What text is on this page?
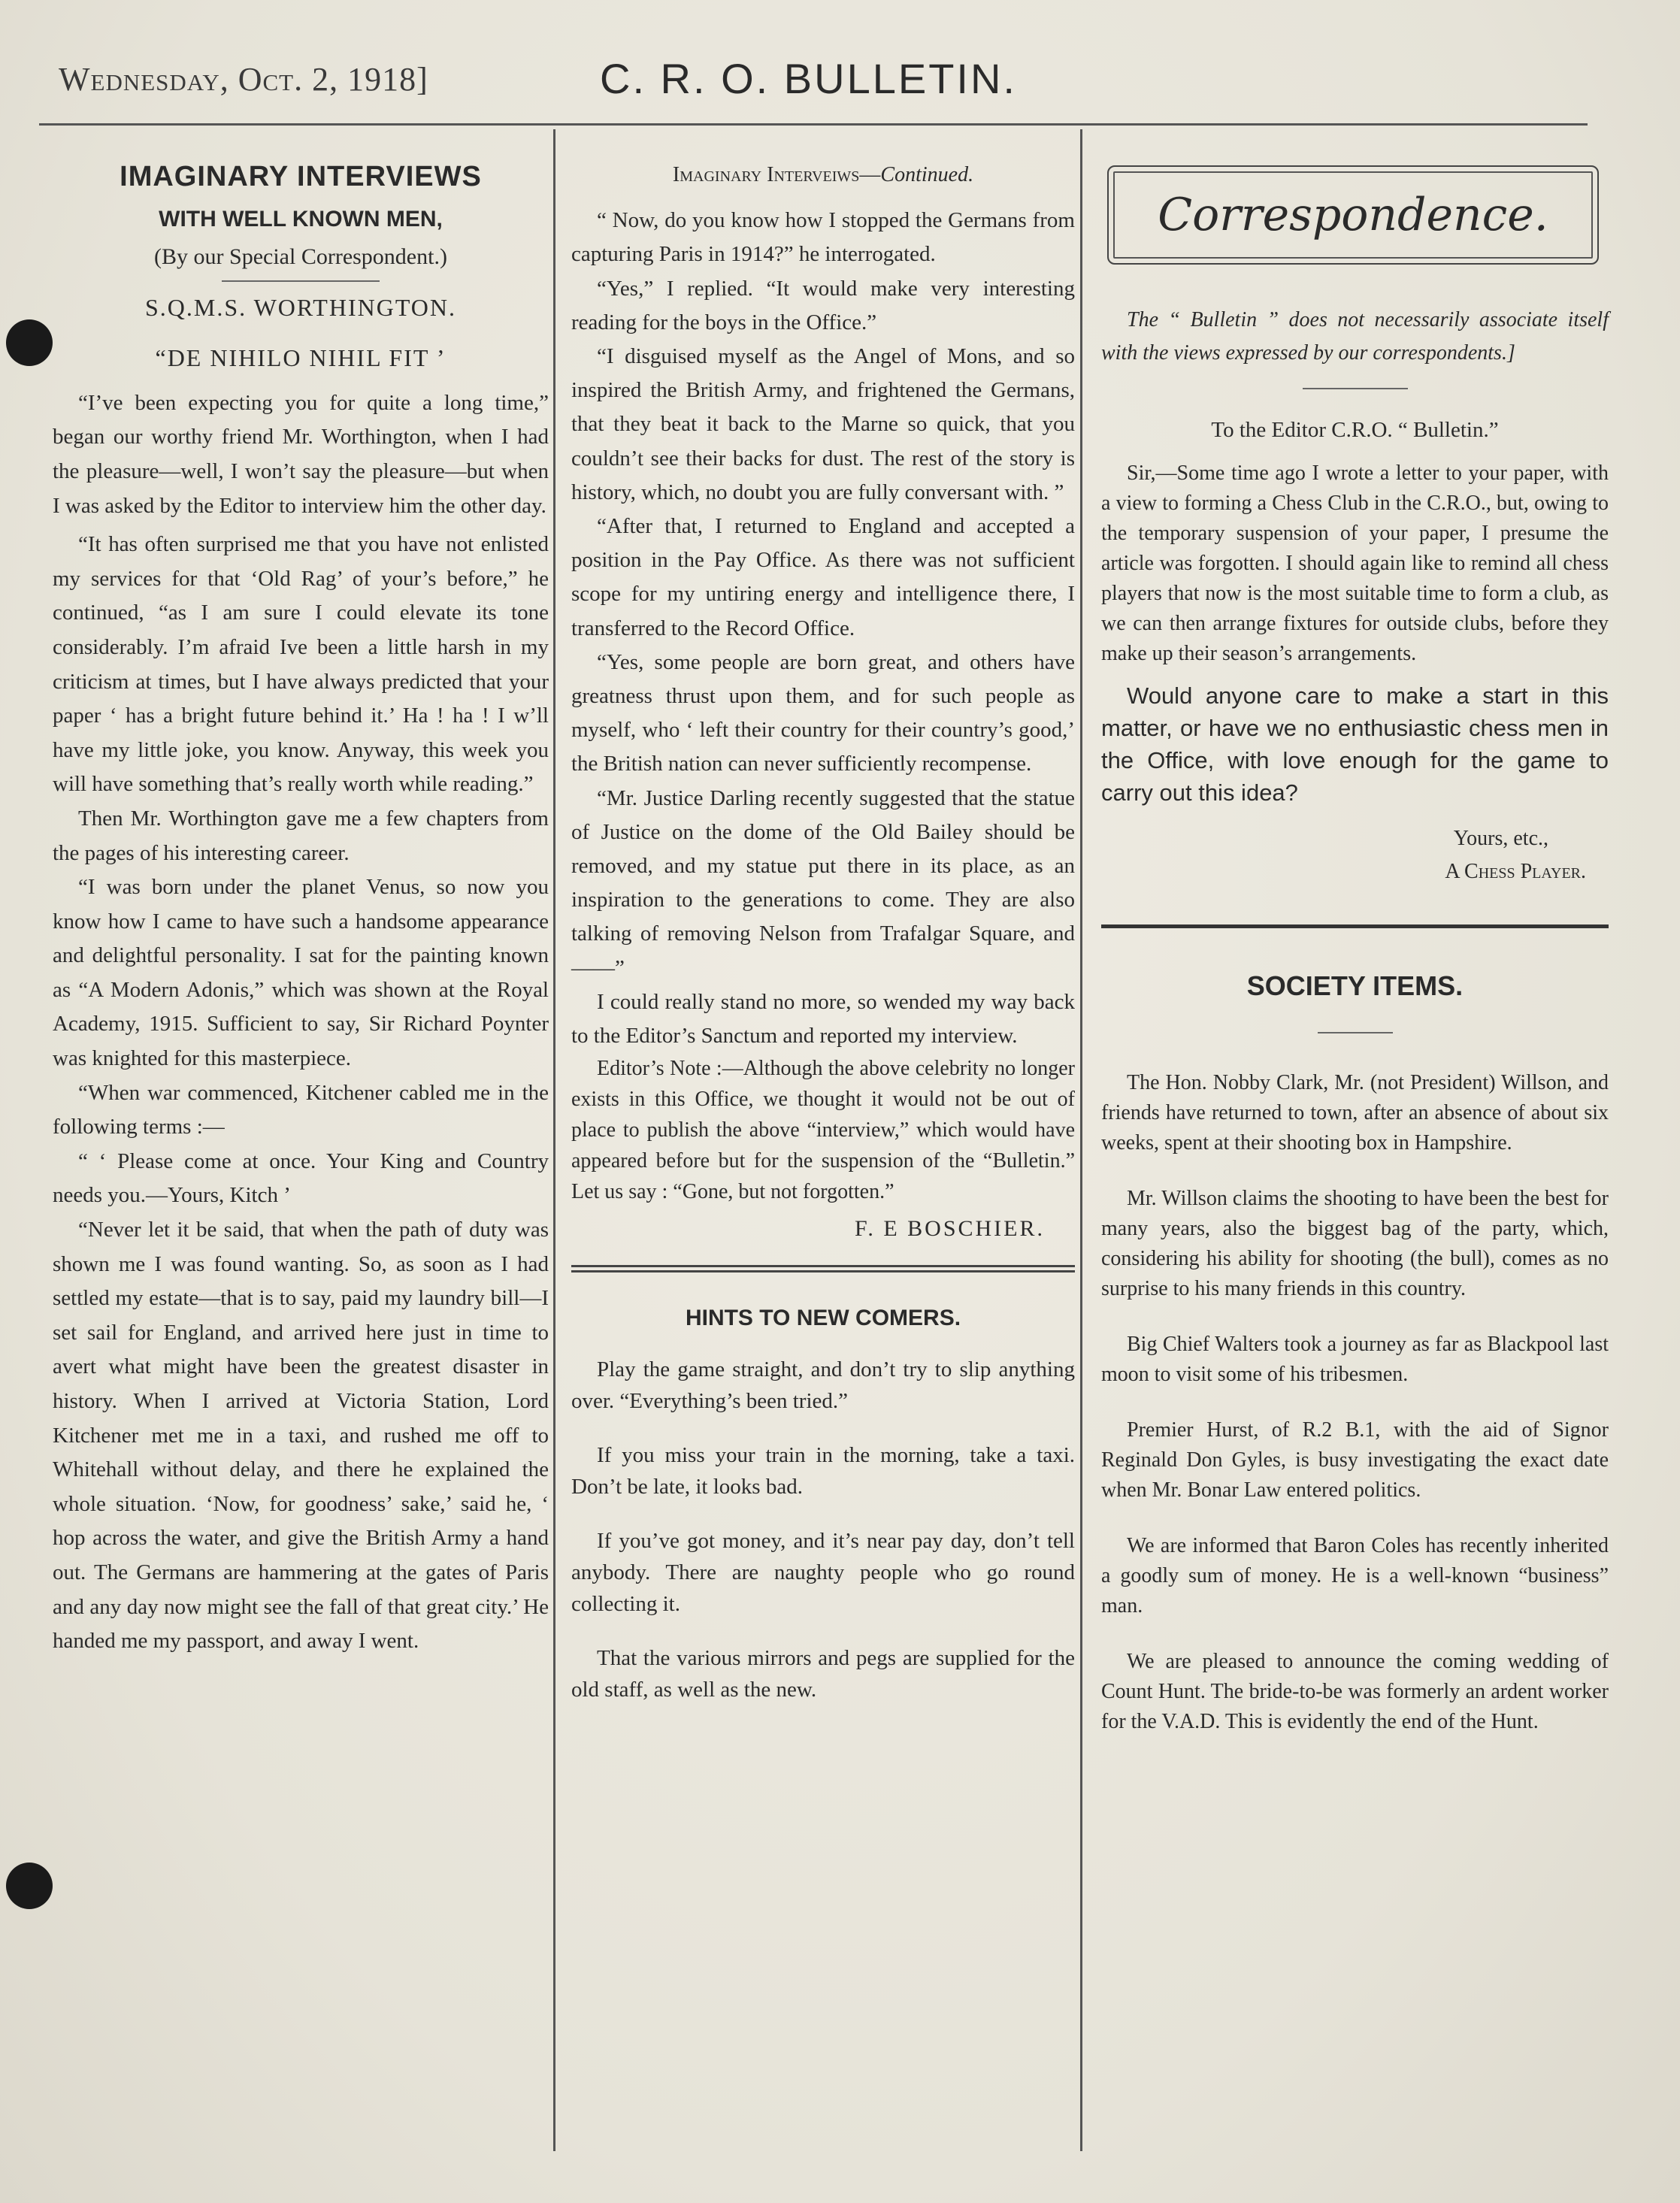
Wednesday, Oct. 2, 1918]	C. R. O. BULLETIN.
IMAGINARY INTERVIEWS
WITH WELL KNOWN MEN,

(By our Special Correspondent.)

S.Q.M.S. WORTHINGTON.

“DE NIHILO NIHIL FIT ’

“I’ve been expecting you for quite a long time,” began our worthy friend Mr. Worthington, when I had the pleasure—well, I won’t say the pleasure—but when I was asked by the Editor to interview him the other day.

“It has often surprised me that you have not enlisted my services for that ‘Old Rag’ of your’s before,” he continued, “as I am sure I could elevate its tone considerably. I’m afraid Ive been a little harsh in my criticism at times, but I have always predicted that your paper ‘ has a bright future behind it.’ Ha ! ha ! I w’ll have my little joke, you know. Anyway, this week you will have something that’s really worth while reading.”

Then Mr. Worthington gave me a few chapters from the pages of his interesting career.

“I was born under the planet Venus, so now you know how I came to have such a handsome appearance and delightful personality. I sat for the painting known as “A Modern Adonis,” which was shown at the Royal Academy, 1915. Sufficient to say, Sir Richard Poynter was knighted for this masterpiece.

“When war commenced, Kitchener cabled me in the following terms :—

“ ‘ Please come at once. Your King and Country needs you.—Yours, Kitch ’

“Never let it be said, that when the path of duty was shown me I was found wanting. So, as soon as I had settled my estate—that is to say, paid my laundry bill—I set sail for England, and arrived here just in time to avert what might have been the greatest disaster in history. When I arrived at Victoria Station, Lord Kitchener met me in a taxi, and rushed me off to Whitehall without delay, and there he explained the whole situation. ‘Now, for goodness’ sake,’ said he, ‘ hop across the water, and give the British Army a hand out. The Germans are hammering at the gates of Paris and any day now might see the fall of that great city.’ He handed me my passport, and away I went.

Imaginary Interveiws—Continued.

“ Now, do you know how I stopped the Germans from capturing Paris in 1914?” he interrogated.

“Yes,” I replied. “It would make very interesting reading for the boys in the Office.”

“I disguised myself as the Angel of Mons, and so inspired the British Army, and frightened the Germans, that they beat it back to the Marne so quick, that you couldn’t see their backs for dust. The rest of the story is history, which, no doubt you are fully conversant with. ”

“After that, I returned to England and accepted a position in the Pay Office. As there was not sufficient scope for my untiring energy and intelligence there, I transferred to the Record Office.

“Yes, some people are born great, and others have greatness thrust upon them, and for such people as myself, who ‘ left their country for their country’s good,’ the British nation can never sufficiently recompense.

“Mr. Justice Darling recently suggested that the statue of Justice on the dome of the Old Bailey should be removed, and my statue put there in its place, as an inspiration to the generations to come. They are also talking of removing Nelson from Trafalgar Square, and——”

I could really stand no more, so wended my way back to the Editor’s Sanctum and reported my interview.

Editor’s Note :—Although the above celebrity no longer exists in this Office, we thought it would not be out of place to publish the above “interview,” which would have appeared before but for the suspension of the “Bulletin.” Let us say : “Gone, but not forgotten.”

F. E BOSCHIER.

HINTS TO NEW COMERS.

Play the game straight, and don’t try to slip anything over. “Everything’s been tried.”

If you miss your train in the morning, take a taxi. Don’t be late, it looks bad.

If you’ve got money, and it’s near pay day, don’t tell anybody. There are naughty people who go round collecting it.

That the various mirrors and pegs are supplied for the old staff, as well as the new.

Correspondence.

The “ Bulletin ” does not necessarily associate itself with the views expressed by our correspondents.]

To the Editor C.R.O. “ Bulletin.”

Sir,—Some time ago I wrote a letter to your paper, with a view to forming a Chess Club in the C.R.O., but, owing to the temporary suspension of your paper, I presume the article was forgotten. I should again like to remind all chess players that now is the most suitable time to form a club, as we can then arrange fixtures for outside clubs, before they make up their season’s arrangements.

Would anyone care to make a start in this matter, or have we no enthusiastic chess men in the Office, with love enough for the game to carry out this idea?

Yours, etc.,

A Chess Player.

SOCIETY ITEMS.

The Hon. Nobby Clark, Mr. (not President) Willson, and friends have returned to town, after an absence of about six weeks, spent at their shooting box in Hampshire.

Mr. Willson claims the shooting to have been the best for many years, also the biggest bag of the party, which, considering his ability for shooting (the bull), comes as no surprise to his many friends in this country.

Big Chief Walters took a journey as far as Blackpool last moon to visit some of his tribesmen.

Premier Hurst, of R.2 B.1, with the aid of Signor Reginald Don Gyles, is busy investigating the exact date when Mr. Bonar Law entered politics.

We are informed that Baron Coles has recently inherited a goodly sum of money. He is a well-known “business” man.

We are pleased to announce the coming wedding of Count Hunt. The bride-to-be was formerly an ardent worker for the V.A.D. This is evidently the end of the Hunt.
